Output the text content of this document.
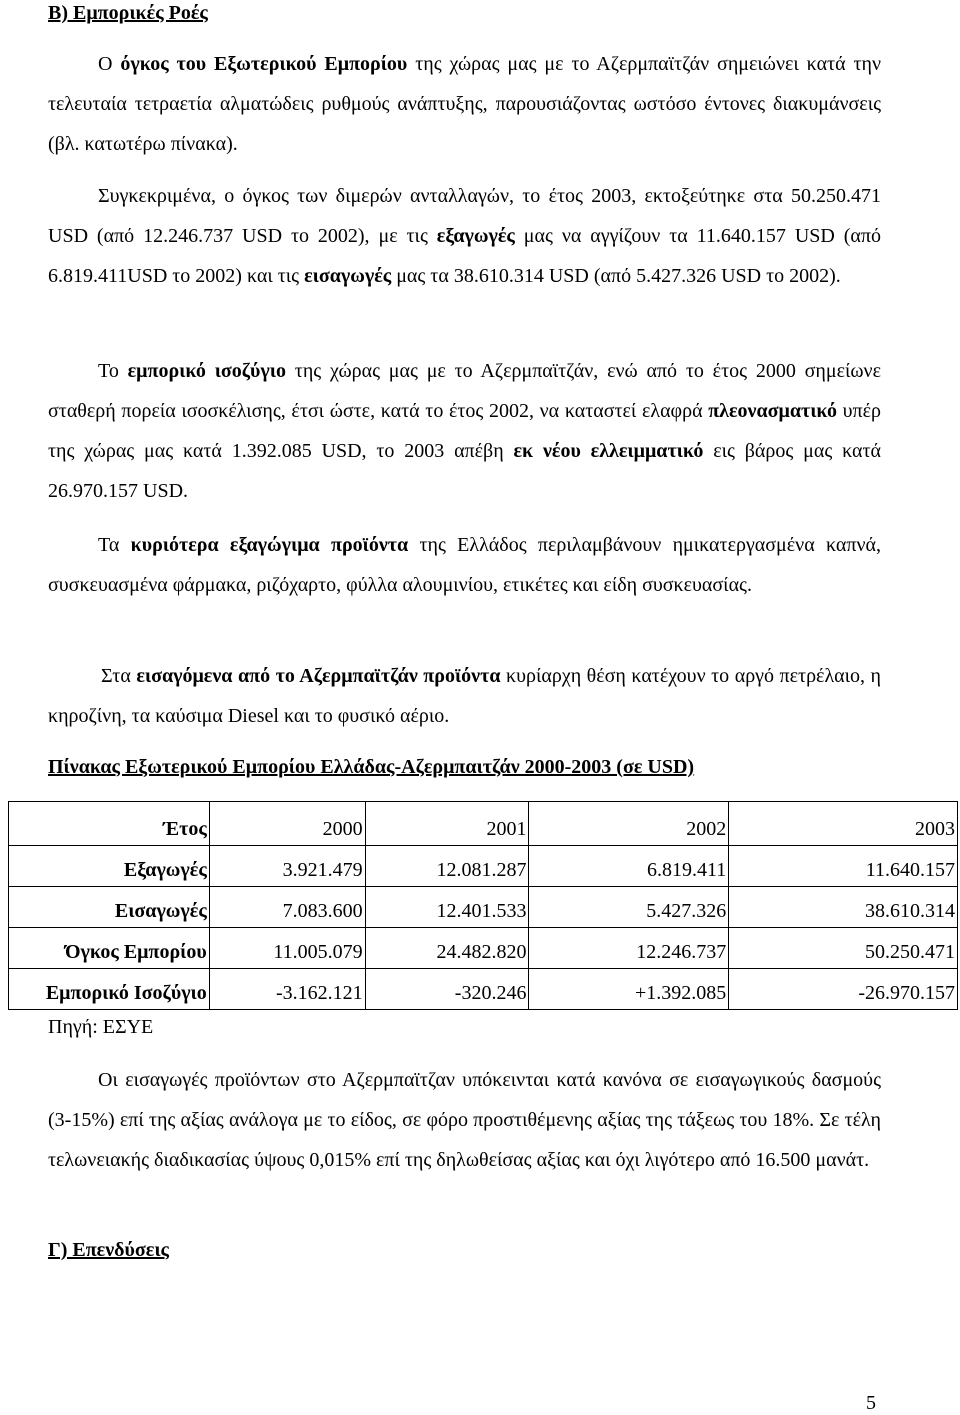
Β) Εμπορικές Ροές
Ο όγκος του Εξωτερικού Εμπορίου της χώρας μας με το Αζερμπαϊτζάν σημειώνει κατά την τελευταία τετραετία αλματώδεις ρυθμούς ανάπτυξης, παρουσιάζοντας ωστόσο έντονες διακυμάνσεις (βλ. κατωτέρω πίνακα).
Συγκεκριμένα, ο όγκος των διμερών ανταλλαγών, το έτος 2003, εκτοξεύτηκε στα 50.250.471 USD (από 12.246.737 USD το 2002), με τις εξαγωγές μας να αγγίζουν τα 11.640.157 USD (από 6.819.411USD το 2002) και τις εισαγωγές μας τα 38.610.314 USD (από 5.427.326 USD το 2002).
Το εμπορικό ισοζύγιο της χώρας μας με το Αζερμπαϊτζάν, ενώ από το έτος 2000 σημείωνε σταθερή πορεία ισοσκέλισης, έτσι ώστε, κατά το έτος 2002, να καταστεί ελαφρά πλεονασματικό υπέρ της χώρας μας κατά 1.392.085 USD, το 2003 απέβη εκ νέου ελλειμματικό εις βάρος μας κατά 26.970.157 USD.
Τα κυριότερα εξαγώγιμα προϊόντα της Ελλάδος περιλαμβάνουν ημικατεργασμένα καπνά, συσκευασμένα φάρμακα, ριζόχαρτο, φύλλα αλουμινίου, ετικέτες και είδη συσκευασίας.
Στα εισαγόμενα από το Αζερμπαϊτζάν προϊόντα κυρίαρχη θέση κατέχουν το αργό πετρέλαιο, η κηροζίνη, τα καύσιμα Diesel και το φυσικό αέριο.
Πίνακας Εξωτερικού Εμπορίου Ελλάδας-Αζερμπαιτζάν 2000-2003 (σε USD)
Έτος	2000	2001	2002	2003
Εξαγωγές	3.921.479	12.081.287	6.819.411	11.640.157
Εισαγωγές	7.083.600	12.401.533	5.427.326	38.610.314
Όγκος Εμπορίου	11.005.079	24.482.820	12.246.737	50.250.471
Εμπορικό Ισοζύγιο	-3.162.121	-320.246	+1.392.085	-26.970.157
Πηγή: ΕΣΥΕ
Οι εισαγωγές προϊόντων στο Αζερμπαϊτζαν υπόκεινται κατά κανόνα σε εισαγωγικούς δασμούς (3-15%) επί της αξίας ανάλογα με το είδος, σε φόρο προστιθέμενης αξίας της τάξεως του 18%. Σε τέλη τελωνειακής διαδικασίας ύψους 0,015% επί της δηλωθείσας αξίας και όχι λιγότερο από 16.500 μανάτ.
Γ) Επενδύσεις
5
